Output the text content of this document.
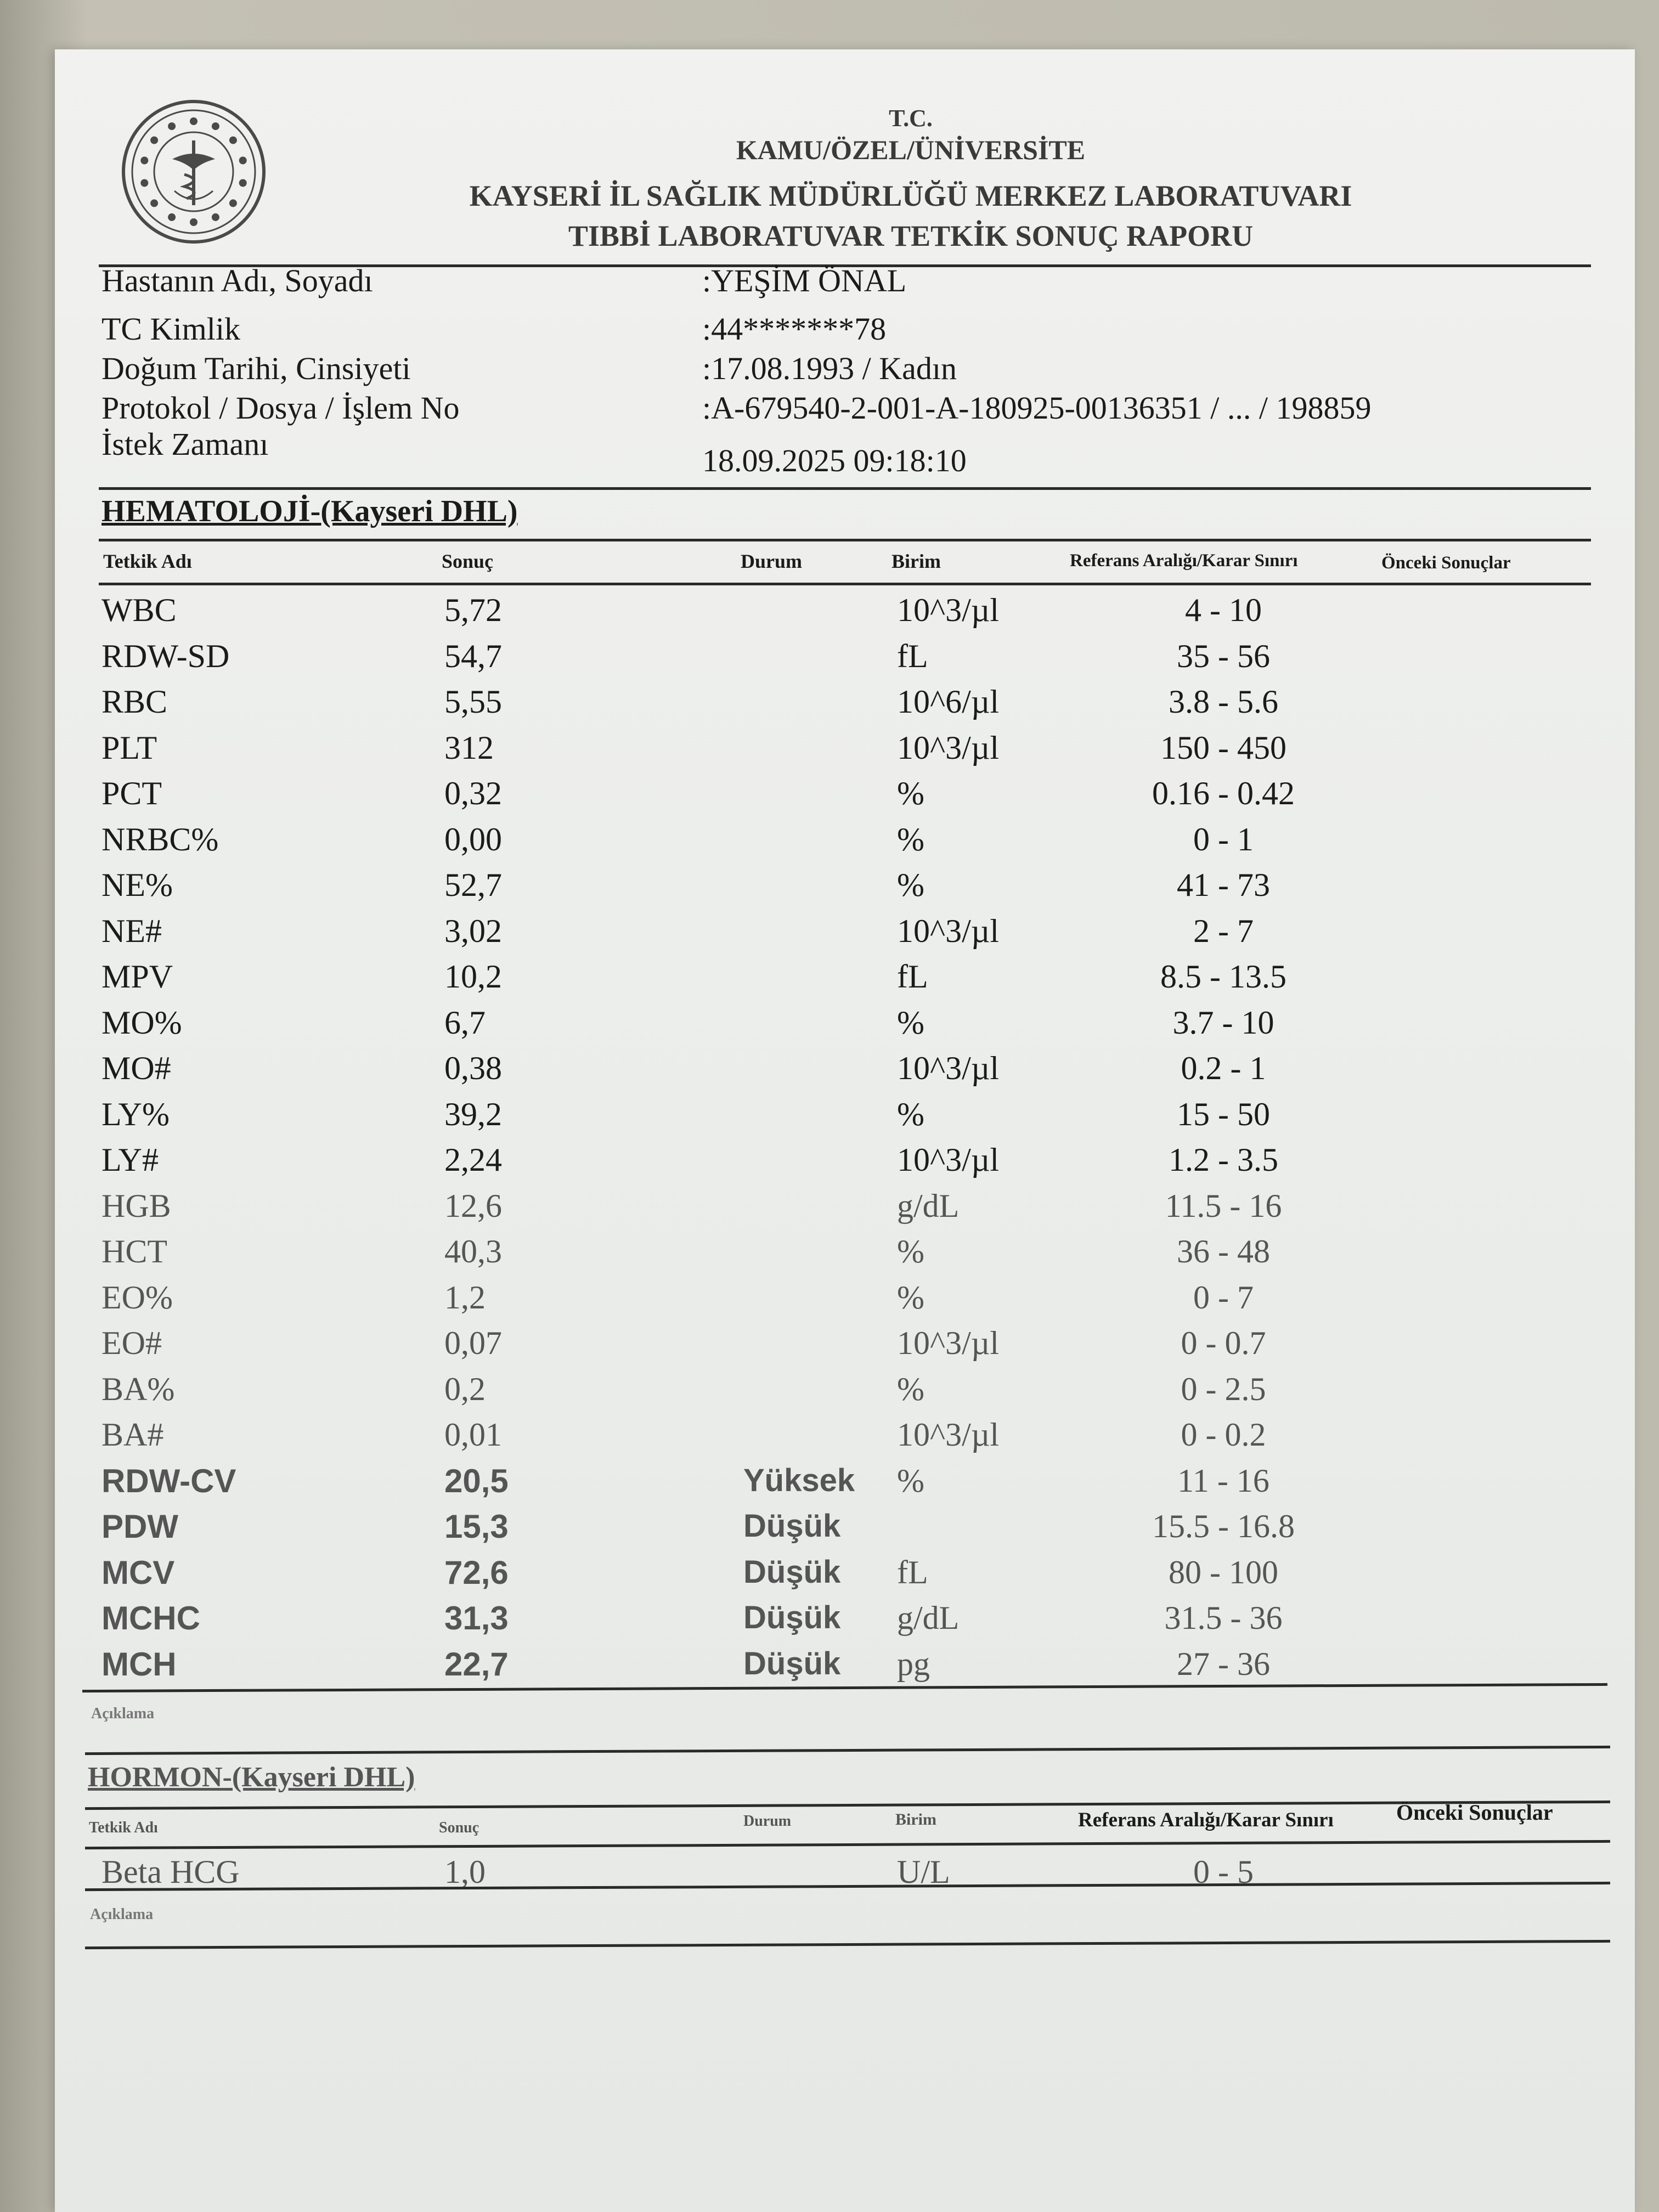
T.C.
KAMU/ÖZEL/ÜNİVERSİTE
KAYSERİ İL SAĞLIK MÜDÜRLÜĞÜ MERKEZ LABORATUVARI
TIBBİ LABORATUVAR TETKİK SONUÇ RAPORU
Hastanın Adı, Soyadı	:YEŞİM ÖNAL
TC Kimlik	:44*******78
Doğum Tarihi, Cinsiyeti	:17.08.1993 / Kadın
Protokol / Dosya / İşlem No	:A-679540-2-001-A-180925-00136351 / ... / 198859
İstek Zamanı	18.09.2025 09:18:10
HEMATOLOJİ-(Kayseri DHL)
Tetkik Adı	Sonuç	Durum	Birim	Referans Aralığı/Karar Sınırı	Önceki Sonuçlar
WBC	5,72	10^3/µl	4 - 10
RDW-SD	54,7	fL	35 - 56
RBC	5,55	10^6/µl	3.8 - 5.6
PLT	312	10^3/µl	150 - 450
PCT	0,32	%	0.16 - 0.42
NRBC%	0,00	%	0 - 1
NE%	52,7	%	41 - 73
NE#	3,02	10^3/µl	2 - 7
MPV	10,2	fL	8.5 - 13.5
MO%	6,7	%	3.7 - 10
MO#	0,38	10^3/µl	0.2 - 1
LY%	39,2	%	15 - 50
LY#	2,24	10^3/µl	1.2 - 3.5
HGB	12,6	g/dL	11.5 - 16
HCT	40,3	%	36 - 48
EO%	1,2	%	0 - 7
EO#	0,07	10^3/µl	0 - 0.7
BA%	0,2	%	0 - 2.5
BA#	0,01	10^3/µl	0 - 0.2
RDW-CV	20,5	Yüksek %	11 - 16
PDW	15,3	Düşük	15.5 - 16.8
MCV	72,6	Düşük fL	80 - 100
MCHC	31,3	Düşük g/dL	31.5 - 36
MCH	22,7	Düşük pg	27 - 36
Açıklama
HORMON-(Kayseri DHL)
Tetkik Adı	Sonuç	Durum	Birim	Referans Aralığı/Karar Sınırı	Önceki Sonuçlar
Beta HCG	1,0	U/L	0 - 5
Açıklama
